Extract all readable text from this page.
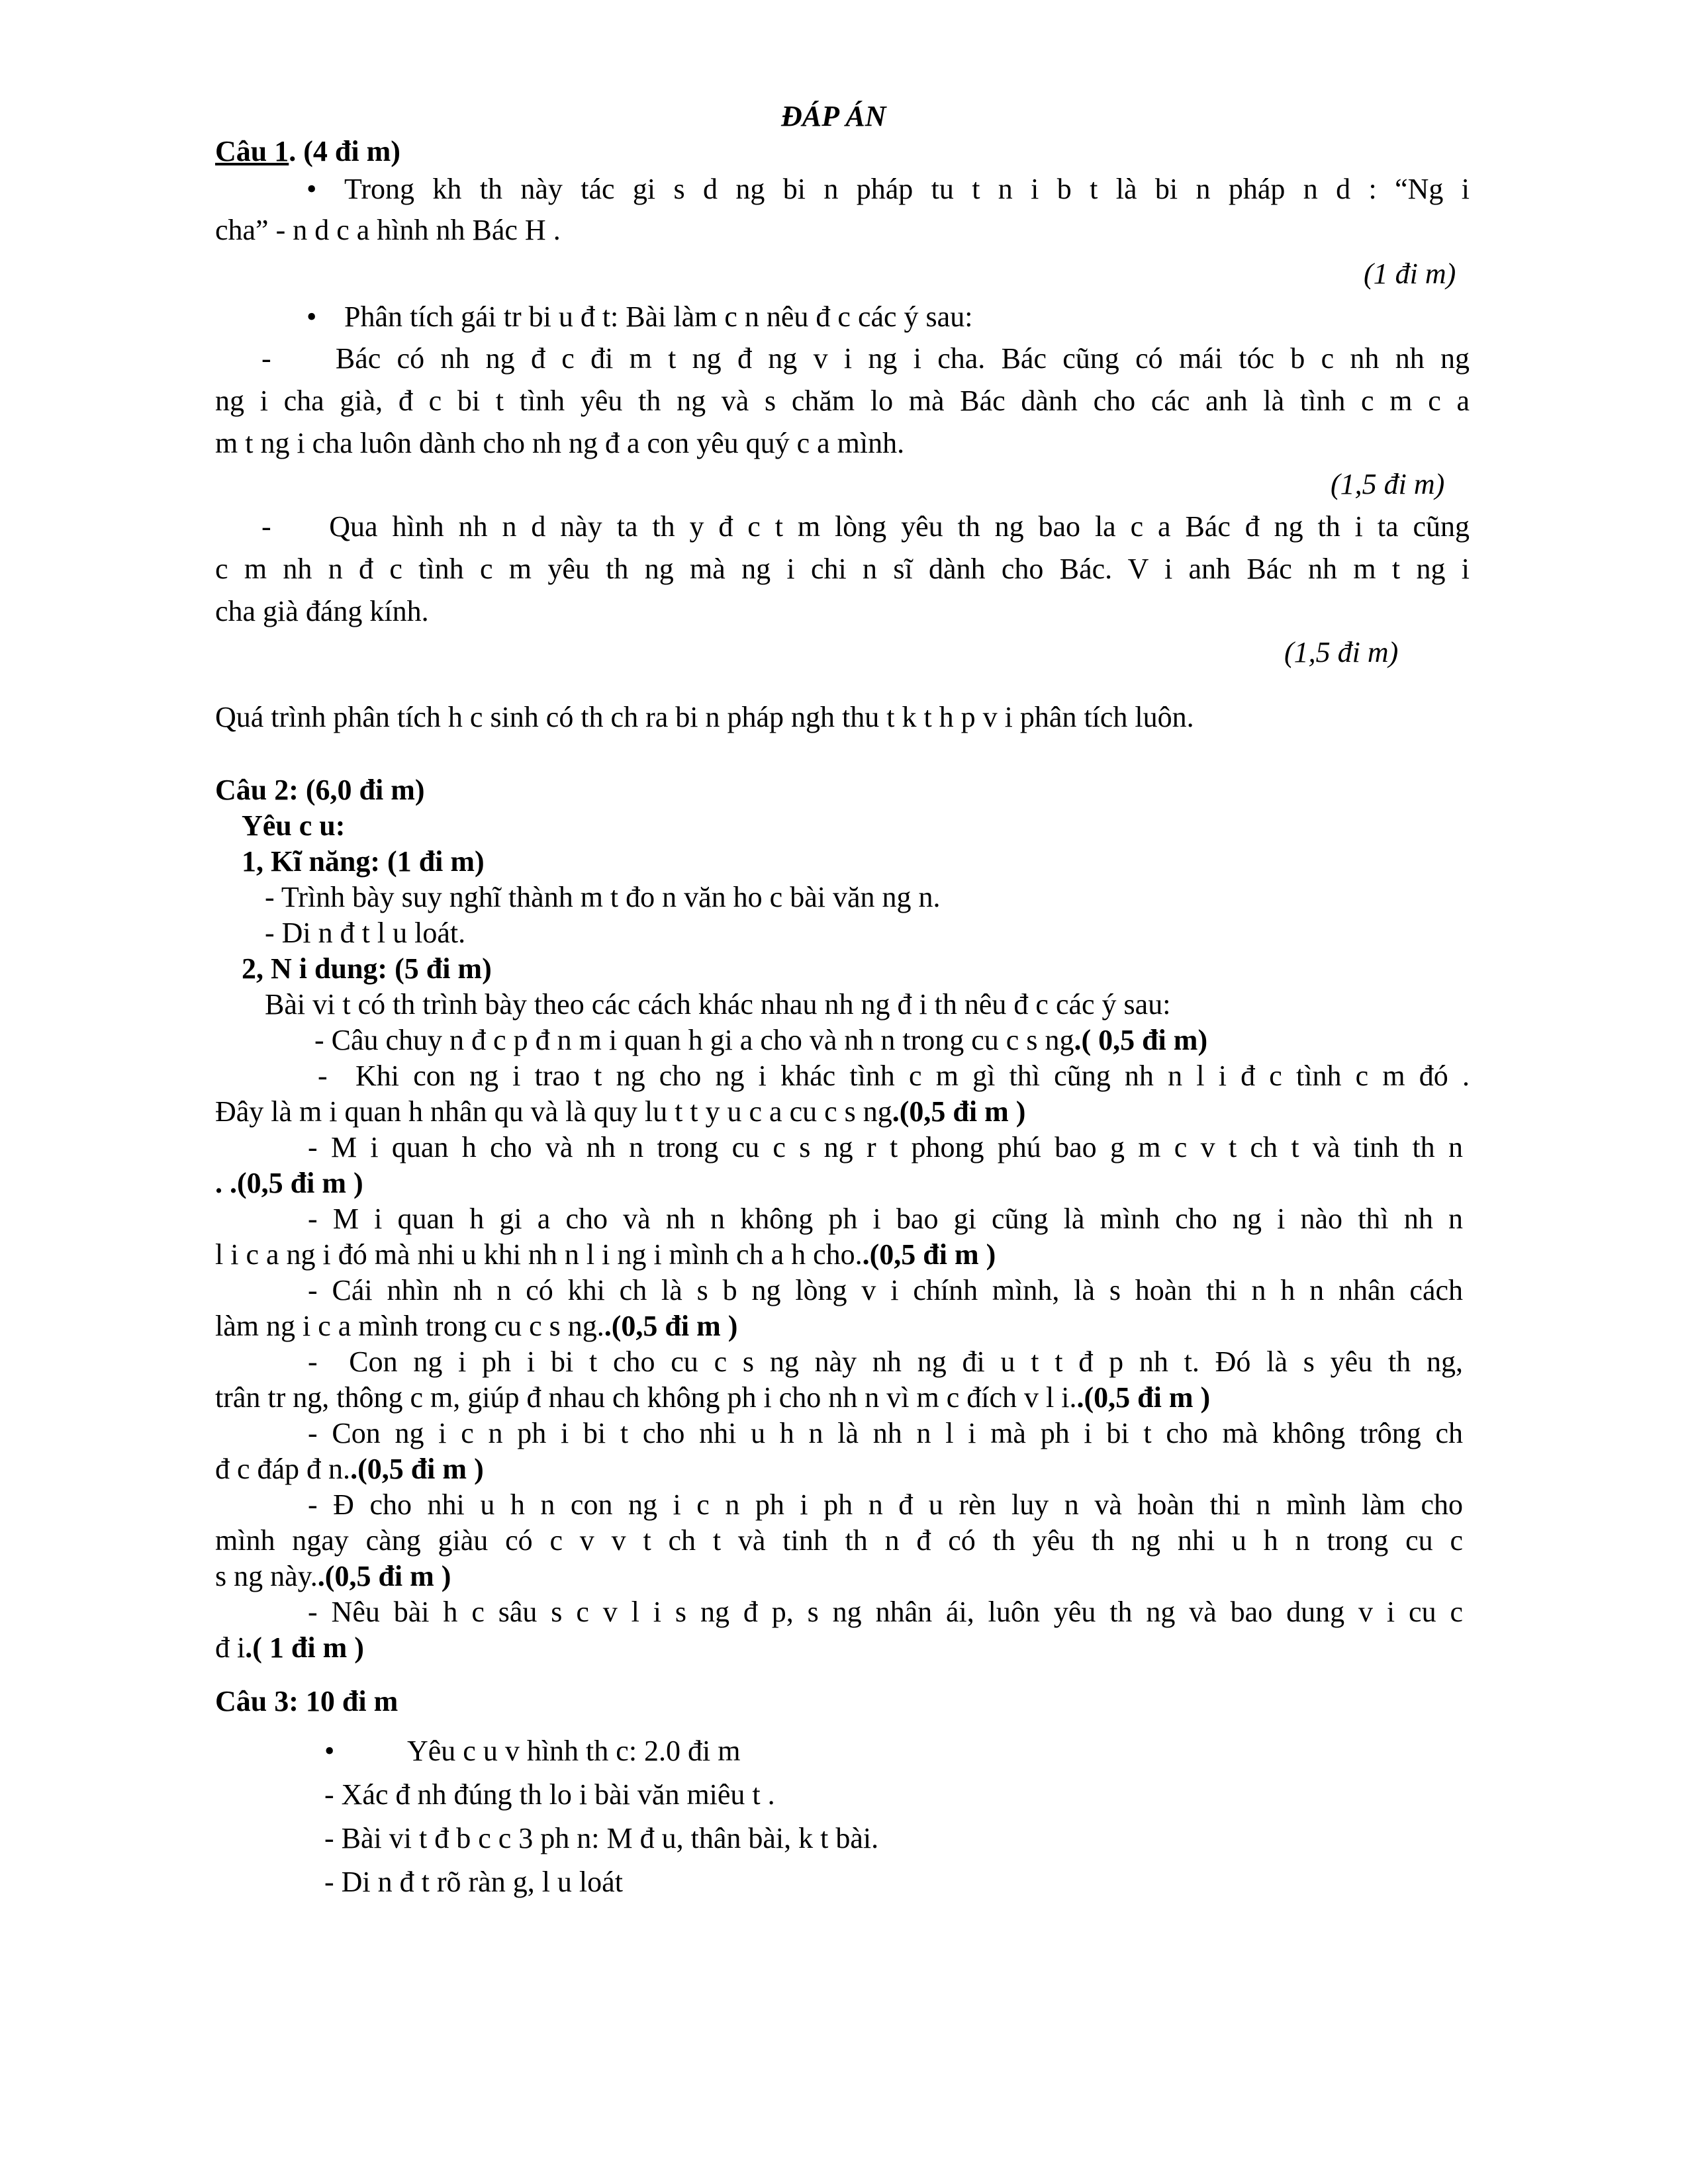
ĐÁP ÁN
Câu 1. (4 đi m)
• Trong kh th này tác gi s d ng bi n pháp tu t n i b t là bi n pháp n d : “Ng i
cha” - n d c a hình nh Bác H .
(1 đi m)
• Phân tích gái tr bi u đ t: Bài làm c n nêu đ c các ý sau:
-    Bác có nh ng đ c đi m t ng đ ng v i ng i cha. Bác cũng có mái tóc b c nh nh ng
ng i cha già, đ c bi t tình yêu th ng và s chăm lo mà Bác dành cho các anh là tình c m c a
m t ng i cha luôn dành cho nh ng đ a con yêu quý c a mình.
(1,5 đi m)
-    Qua hình nh n d này ta th y đ c t m lòng yêu th ng bao la c a Bác đ ng th i ta cũng
c m nh n đ c tình c m yêu th ng mà ng i chi n sĩ dành cho Bác. V i anh Bác nh m t ng i
cha già đáng kính.
(1,5 đi m)
Quá trình phân tích h c sinh có th ch ra bi n pháp ngh thu t k t h p v i phân tích luôn.
Câu 2: (6,0 đi m)
Yêu c u:
1, Kĩ năng: (1 đi m)
- Trình bày suy nghĩ thành m t đo n văn ho c bài văn ng n.
- Di n đ t l u loát.
2, N i dung: (5 đi m)
Bài vi t có th trình bày theo các cách khác nhau nh ng đ i th nêu đ c các ý sau:
- Câu chuy n đ c p đ n m i quan h gi a cho và nh n trong cu c s ng.( 0,5 đi m)
-  Khi con ng i trao t ng cho ng i khác tình c m gì thì cũng nh n l i đ c tình c m đó .
Đây là m i quan h nhân qu và là quy lu t t y u c a cu c s ng.(0,5 đi m )
- M i quan h cho và nh n trong cu c s ng r t phong phú bao g m c v t ch t và tinh th n
. .(0,5 đi m )
- M i quan h gi a cho và nh n không ph i bao gi cũng là mình cho ng i nào thì nh n
l i c a ng i đó mà nhi u khi nh n l i ng i mình ch a h cho..(0,5 đi m )
- Cái nhìn nh n có khi ch là s b ng lòng v i chính mình, là s hoàn thi n h n nhân cách
làm ng i c a mình trong cu c s ng..(0,5 đi m )
-  Con ng i ph i bi t cho cu c s ng này nh ng đi u t t đ p nh t. Đó là s yêu th ng,
trân tr ng, thông c m, giúp đ nhau ch không ph i cho nh n vì m c đích v l i..(0,5 đi m )
- Con ng i c n ph i bi t cho nhi u h n là nh n l i mà ph i bi t cho mà không trông ch
đ c đáp đ n..(0,5 đi m )
- Đ cho nhi u h n con ng i c n ph i ph n đ u rèn luy n và hoàn thi n mình làm cho
mình ngay càng giàu có c v v t ch t và tinh th n đ có th yêu th ng nhi u h n trong cu c
s ng này..(0,5 đi m )
- Nêu bài h c sâu s c v l i s ng đ p, s ng nhân ái, luôn yêu th ng và bao dung v i cu c
đ i.( 1 đi m )
Câu 3: 10 đi m
• Yêu c u v hình th c: 2.0 đi m
- Xác đ nh đúng th lo i bài văn miêu t .
- Bài vi t đ b c c 3 ph n: M đ u, thân bài, k t bài.
- Di n đ t rõ ràn g, l u loát
